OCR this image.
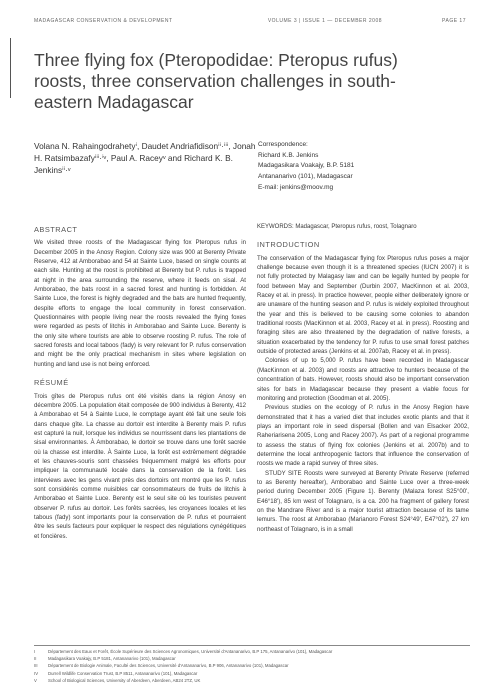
MADAGASCAR CONSERVATION & DEVELOPMENT	VOLUME 3 | ISSUE 1 — DECEMBER 2008	PAGE 17
Three flying fox (Pteropodidae: Pteropus rufus) roosts, three conservation challenges in south-eastern Madagascar
Volana N. Rahaingodrahetyⁱ, Daudet Andriafidisonⁱⁱ·ⁱⁱⁱ, Jonah H. Ratsimbazafyⁱⁱⁱ·ⁱᵛ, Paul A. Raceyᵛ and Richard K. B. Jenkinsⁱⁱ·ᵛ
Correspondence:
Richard K.B. Jenkins
Madagasikara Voakajy, B.P. 5181
Antananarivo (101), Madagascar
E-mail: jenkins@moov.mg
ABSTRACT

We visited three roosts of the Madagascar flying fox Pteropus rufus in December 2005 in the Anosy Region. Colony size was 900 at Berenty Private Reserve, 412 at Amborabao and 54 at Sainte Luce, based on single counts at each site. Hunting at the roost is prohibited at Berenty but P. rufus is trapped at night in the area surrounding the reserve, where it feeds on sisal. At Amborabao, the bats roost in a sacred forest and hunting is forbidden. At Sainte Luce, the forest is highly degraded and the bats are hunted frequently, despite efforts to engage the local community in forest conservation. Questionnaires with people living near the roosts revealed the flying foxes were regarded as pests of litchis in Amborabao and Sainte Luce. Berenty is the only site where tourists are able to observe roosting P. rufus. The role of sacred forests and local taboos (fady) is very relevant for P. rufus conservation and might be the only practical mechanism in sites where legislation on hunting and land use is not being enforced.

RÉSUMÉ

Trois gîtes de Pteropus rufus ont été visités dans la région Anosy en décembre 2005. La population était composée de 900 individus à Berenty, 412 à Amborabao et 54 à Sainte Luce, le comptage ayant été fait une seule fois dans chaque gîte. La chasse au dortoir est interdite à Berenty mais P. rufus est capturé la nuit, lorsque les individus se nourrissent dans les plantations de sisal environnantes. À Amborabao, le dortoir se trouve dans une forêt sacrée où la chasse est interdite. À Sainte Luce, la forêt est extrêmement dégradée et les chauves-souris sont chassées fréquemment malgré les efforts pour impliquer la communauté locale dans la conservation de la forêt. Les interviews avec les gens vivant près des dortoirs ont montré que les P. rufus sont considérés comme nuisibles car consommateurs de fruits de litchis à Amborabao et Sainte Luce. Berenty est le seul site où les touristes peuvent observer P. rufus au dortoir. Les forêts sacrées, les croyances locales et les tabous (fady) sont importants pour la conservation de P. rufus et pourraient être les seuls facteurs pour expliquer le respect des régulations cynégétiques et foncières.

KEYWORDS: Madagascar, Pteropus rufus, roost, Tolagnaro

INTRODUCTION

The conservation of the Madagascar flying fox Pteropus rufus poses a major challenge because even though it is a threatened species (IUCN 2007) it is not fully protected by Malagasy law and can be legally hunted by people for food between May and September (Durbin 2007, MacKinnon et al. 2003, Racey et al. in press). In practice however, people either deliberately ignore or are unaware of the hunting season and P. rufus is widely exploited throughout the year and this is believed to be causing some colonies to abandon traditional roosts (MacKinnon et al. 2003, Racey et al. in press). Roosting and foraging sites are also threatened by the degradation of native forests, a situation exacerbated by the tendency for P. rufus to use small forest patches outside of protected areas (Jenkins et al. 2007ab, Racey et al. in press).

Colonies of up to 5,000 P. rufus have been recorded in Madagascar (MacKinnon et al. 2003) and roosts are attractive to hunters because of the concentration of bats. However, roosts should also be important conservation sites for bats in Madagascar because they present a viable focus for monitoring and protection (Goodman et al. 2005).

Previous studies on the ecology of P. rufus in the Anosy Region have demonstrated that it has a varied diet that includes exotic plants and that it plays an important role in seed dispersal (Bollen and van Elsacker 2002, Raheriarisena 2005, Long and Racey 2007). As part of a regional programme to assess the status of flying fox colonies (Jenkins et al. 2007b) and to determine the local anthropogenic factors that influence the conservation of roosts we made a rapid survey of three sites.

STUDY SITE Roosts were surveyed at Berenty Private Reserve (referred to as Berenty hereafter), Amborabao and Sainte Luce over a three-week period during December 2005 (Figure 1). Berenty (Malaza forest S25°00', E46°18'), 85 km west of Tolagnaro, is a ca. 200 ha fragment of gallery forest on the Mandrare River and is a major tourist attraction because of its tame lemurs. The roost at Amborabao (Marianoro Forest S24°49', E47°02'), 27 km northeast of Tolagnaro, is in a small

I	Département des Eaux et Forêt, École Supérieure des Sciences Agronomiques, Université d'Antananarivo, B.P 175, Antananarivo (101), Madagascar
II	Madagasikara Voakajy, B.P 5181, Antananarivo (101), Madagascar
III Département de Biologie Animale, Faculté des Sciences, Université d'Antananarivo, B.P 906, Antananarivo (101), Madagascar
IV Durrell Wildlife Conservation Trust, B.P 8511, Antananarivo (101), Madagascar
V	School of Biological Sciences, University of Aberdeen, Aberdeen, AB24 2TZ, UK
